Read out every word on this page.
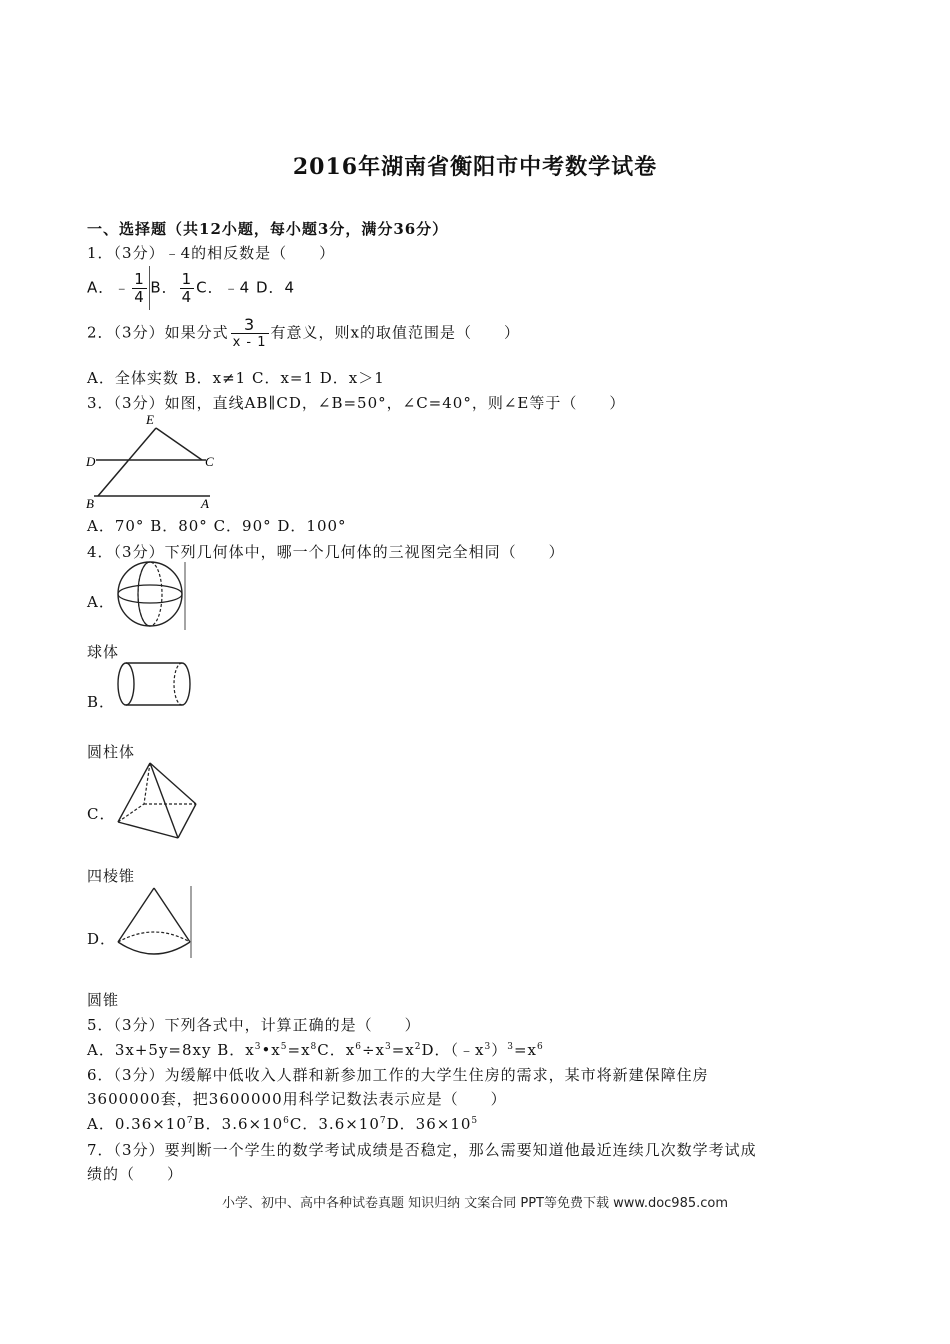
2016年湖南省衡阳市中考数学试卷
一、选择题（共12小题，每小题3分，满分36分）
1．（3分）﹣4的相反数是（　　）
A．﹣ $\frac{1}{4}$ B． $\frac{1}{4}$ C．﹣4 D．4
2．（3分）如果分式 $\frac{3}{x - 1}$ 有意义，则x的取值范围是（　　）
A．全体实数 B．x≠1 C．x=1 D．x＞1
3．（3分）如图，直线AB∥CD，∠B=50°，∠C=40°，则∠E等于（　　）
E
D	C
B	A
A．70° B．80° C．90° D．100°
4．（3分）下列几何体中，哪一个几何体的三视图完全相同（　　）
A．
球体
B．
圆柱体
C．
四棱锥
D．
圆锥
5．（3分）下列各式中，计算正确的是（　　）
A．3x+5y=8xy B．$x^3•x^5=x^8C$．$x^6\div x^3=x^2D$．$(﹣x^3)^3=x^6$
6．（3分）为缓解中低收入人群和新参加工作的大学生住房的需求，某市将新建保障住房
3600000套，把3600000用科学记数法表示应是（　　）
A．$0.36\times 10^7B$．$3.6\times 10^6C$．$3.6\times 10^7D$．$36\times 10^5$
7．（3分）要判断一个学生的数学考试成绩是否稳定，那么需要知道他最近连续几次数学考试成
绩的（　　）
小学、初中、高中各种试卷真题 知识归纳 文案合同 PPT等免费下载 www.doc985.com
